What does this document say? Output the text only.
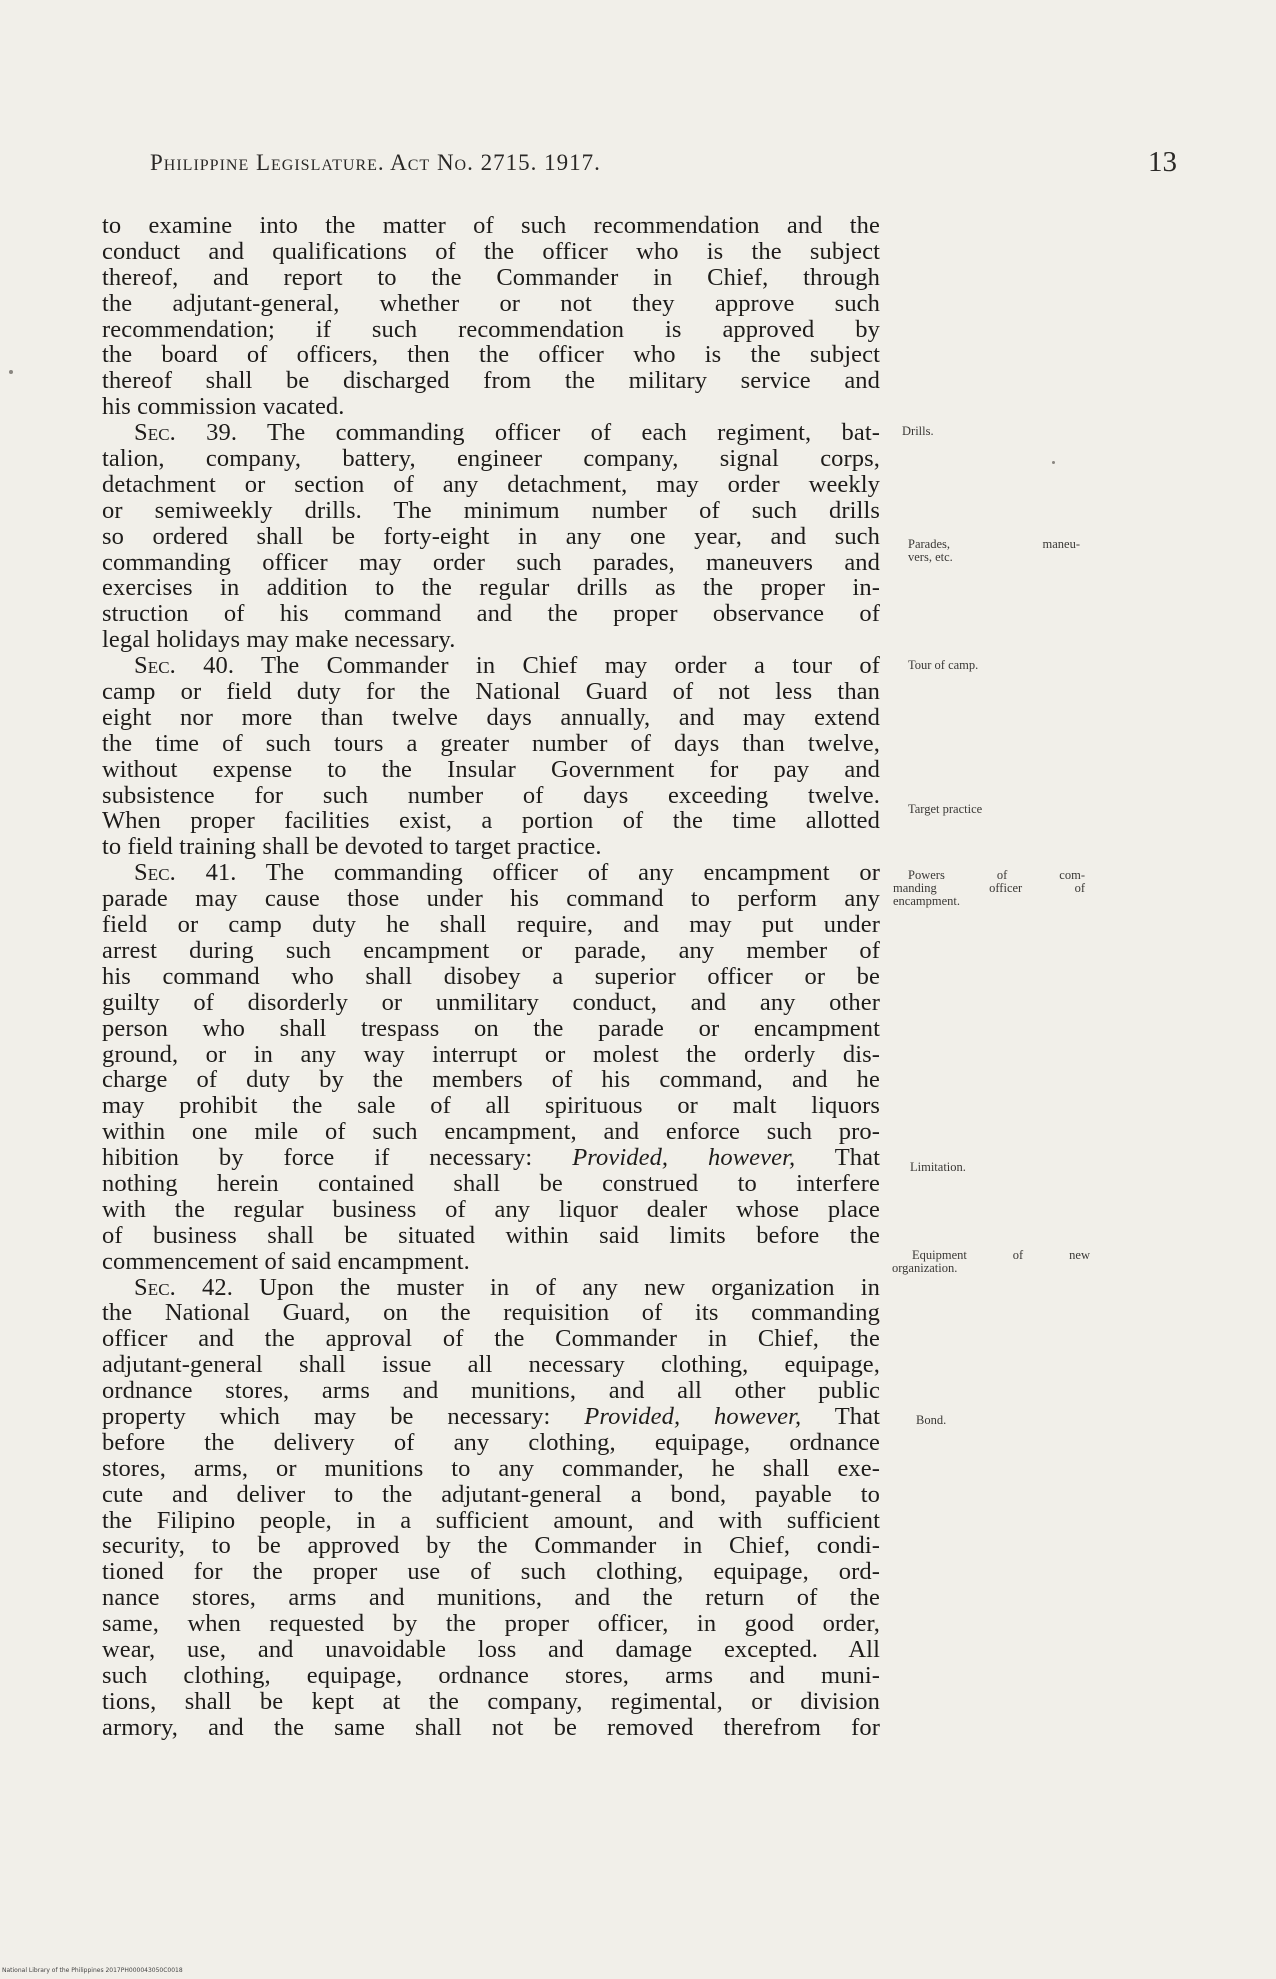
Philippine Legislature. Act No. 2715. 1917.	13
to examine into the matter of such recommendation and the
conduct and qualifications of the officer who is the subject
thereof, and report to the Commander in Chief, through
the adjutant-general, whether or not they approve such
recommendation; if such recommendation is approved by
the board of officers, then the officer who is the subject
thereof shall be discharged from the military service and
his commission vacated.
Sec. 39. The commanding officer of each regiment, bat-
talion, company, battery, engineer company, signal corps,
detachment or section of any detachment, may order weekly
or semiweekly drills. The minimum number of such drills
so ordered shall be forty-eight in any one year, and such
commanding officer may order such parades, maneuvers and
exercises in addition to the regular drills as the proper in-
struction of his command and the proper observance of
legal holidays may make necessary.
Sec. 40. The Commander in Chief may order a tour of
camp or field duty for the National Guard of not less than
eight nor more than twelve days annually, and may extend
the time of such tours a greater number of days than twelve,
without expense to the Insular Government for pay and
subsistence for such number of days exceeding twelve.
When proper facilities exist, a portion of the time allotted
to field training shall be devoted to target practice.
Sec. 41. The commanding officer of any encampment or
parade may cause those under his command to perform any
field or camp duty he shall require, and may put under
arrest during such encampment or parade, any member of
his command who shall disobey a superior officer or be
guilty of disorderly or unmilitary conduct, and any other
person who shall trespass on the parade or encampment
ground, or in any way interrupt or molest the orderly dis-
charge of duty by the members of his command, and he
may prohibit the sale of all spirituous or malt liquors
within one mile of such encampment, and enforce such pro-
hibition by force if necessary: Provided, however, That
nothing herein contained shall be construed to interfere
with the regular business of any liquor dealer whose place
of business shall be situated within said limits before the
commencement of said encampment.
Sec. 42. Upon the muster in of any new organization in
the National Guard, on the requisition of its commanding
officer and the approval of the Commander in Chief, the
adjutant-general shall issue all necessary clothing, equipage,
ordnance stores, arms and munitions, and all other public
property which may be necessary: Provided, however, That
before the delivery of any clothing, equipage, ordnance
stores, arms, or munitions to any commander, he shall exe-
cute and deliver to the adjutant-general a bond, payable to
the Filipino people, in a sufficient amount, and with sufficient
security, to be approved by the Commander in Chief, condi-
tioned for the proper use of such clothing, equipage, ord-
nance stores, arms and munitions, and the return of the
same, when requested by the proper officer, in good order,
wear, use, and unavoidable loss and damage excepted. All
such clothing, equipage, ordnance stores, arms and muni-
tions, shall be kept at the company, regimental, or division
armory, and the same shall not be removed therefrom for
Drills.
Parades, maneu-
vers, etc.
Tour of camp.
Target practice
Powers of com-
manding officer of
encampment.
Limitation.
Equipment of new
organization.
Bond.
National Library of the Philippines 2017PH000043050C0018
